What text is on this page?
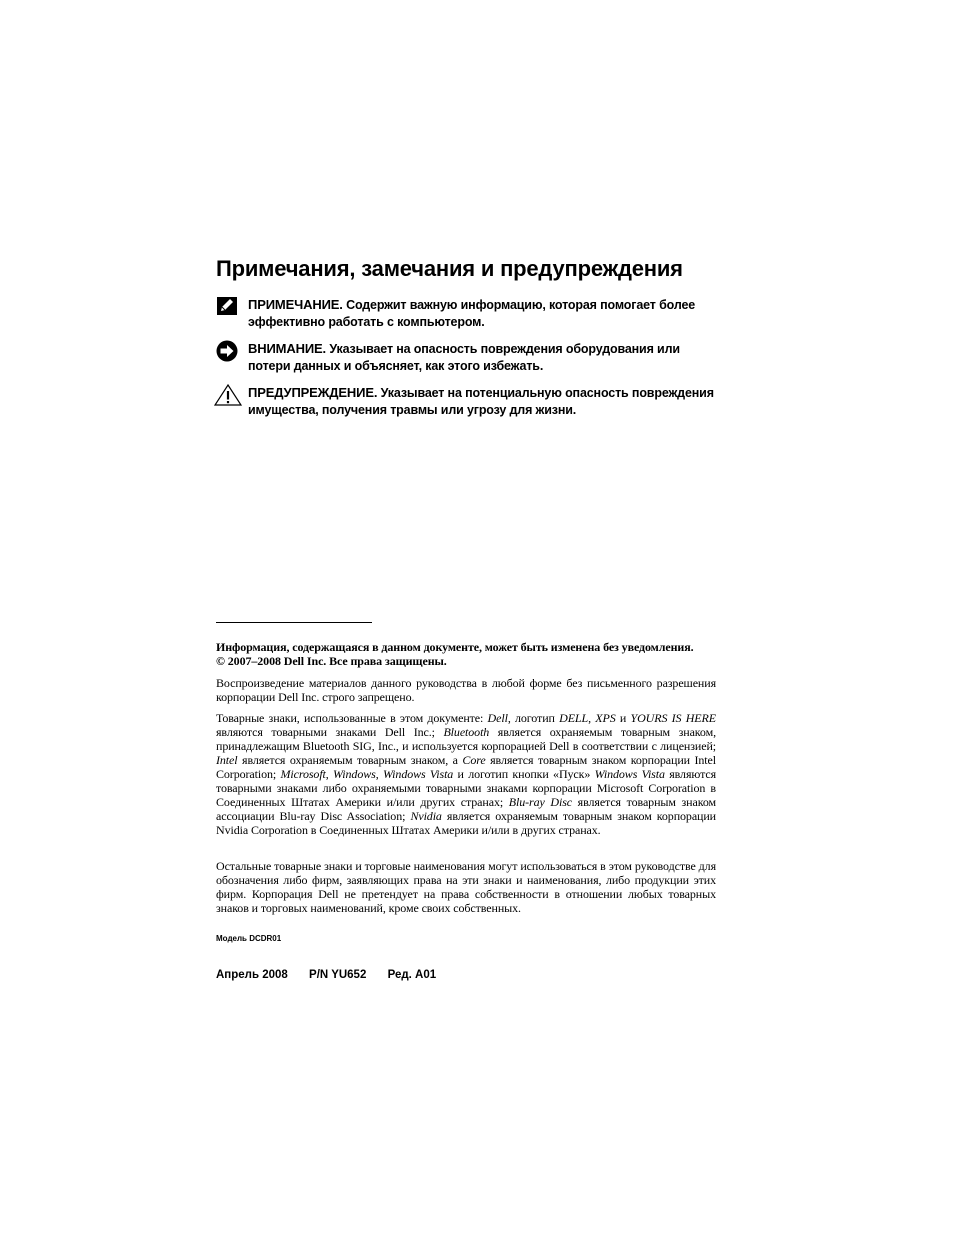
Примечания, замечания и предупреждения

ПРИМЕЧАНИЕ. Содержит важную информацию, которая помогает более эффективно работать с компьютером.

ВНИМАНИЕ. Указывает на опасность повреждения оборудования или потери данных и объясняет, как этого избежать.

ПРЕДУПРЕЖДЕНИЕ. Указывает на потенциальную опасность повреждения имущества, получения травмы или угрозу для жизни.

Информация, содержащаяся в данном документе, может быть изменена без уведомления.
© 2007–2008 Dell Inc. Все права защищены.

Воспроизведение материалов данного руководства в любой форме без письменного разрешения корпорации Dell Inc. строго запрещено.

Товарные знаки, использованные в этом документе: Dell, логотип DELL, XPS и YOURS IS HERE являются товарными знаками Dell Inc.; Bluetooth является охраняемым товарным знаком, принадлежащим Bluetooth SIG, Inc., и используется корпорацией Dell в соответствии с лицензией; Intel является охраняемым товарным знаком, а Core является товарным знаком корпорации Intel Corporation; Microsoft, Windows, Windows Vista и логотип кнопки «Пуск» Windows Vista являются товарными знаками либо охраняемыми товарными знаками корпорации Microsoft Corporation в Соединенных Штатах Америки и/или других странах; Blu-ray Disc является товарным знаком ассоциации Blu-ray Disc Association; Nvidia является охраняемым товарным знаком корпорации Nvidia Corporation в Соединенных Штатах Америки и/или в других странах.

Остальные товарные знаки и торговые наименования могут использоваться в этом руководстве для обозначения либо фирм, заявляющих права на эти знаки и наименования, либо продукции этих фирм. Корпорация Dell не претендует на права собственности в отношении любых товарных знаков и торговых наименований, кроме своих собственных.

Модель DCDR01
Апрель 2008 P/N YU652 Ред. A01
